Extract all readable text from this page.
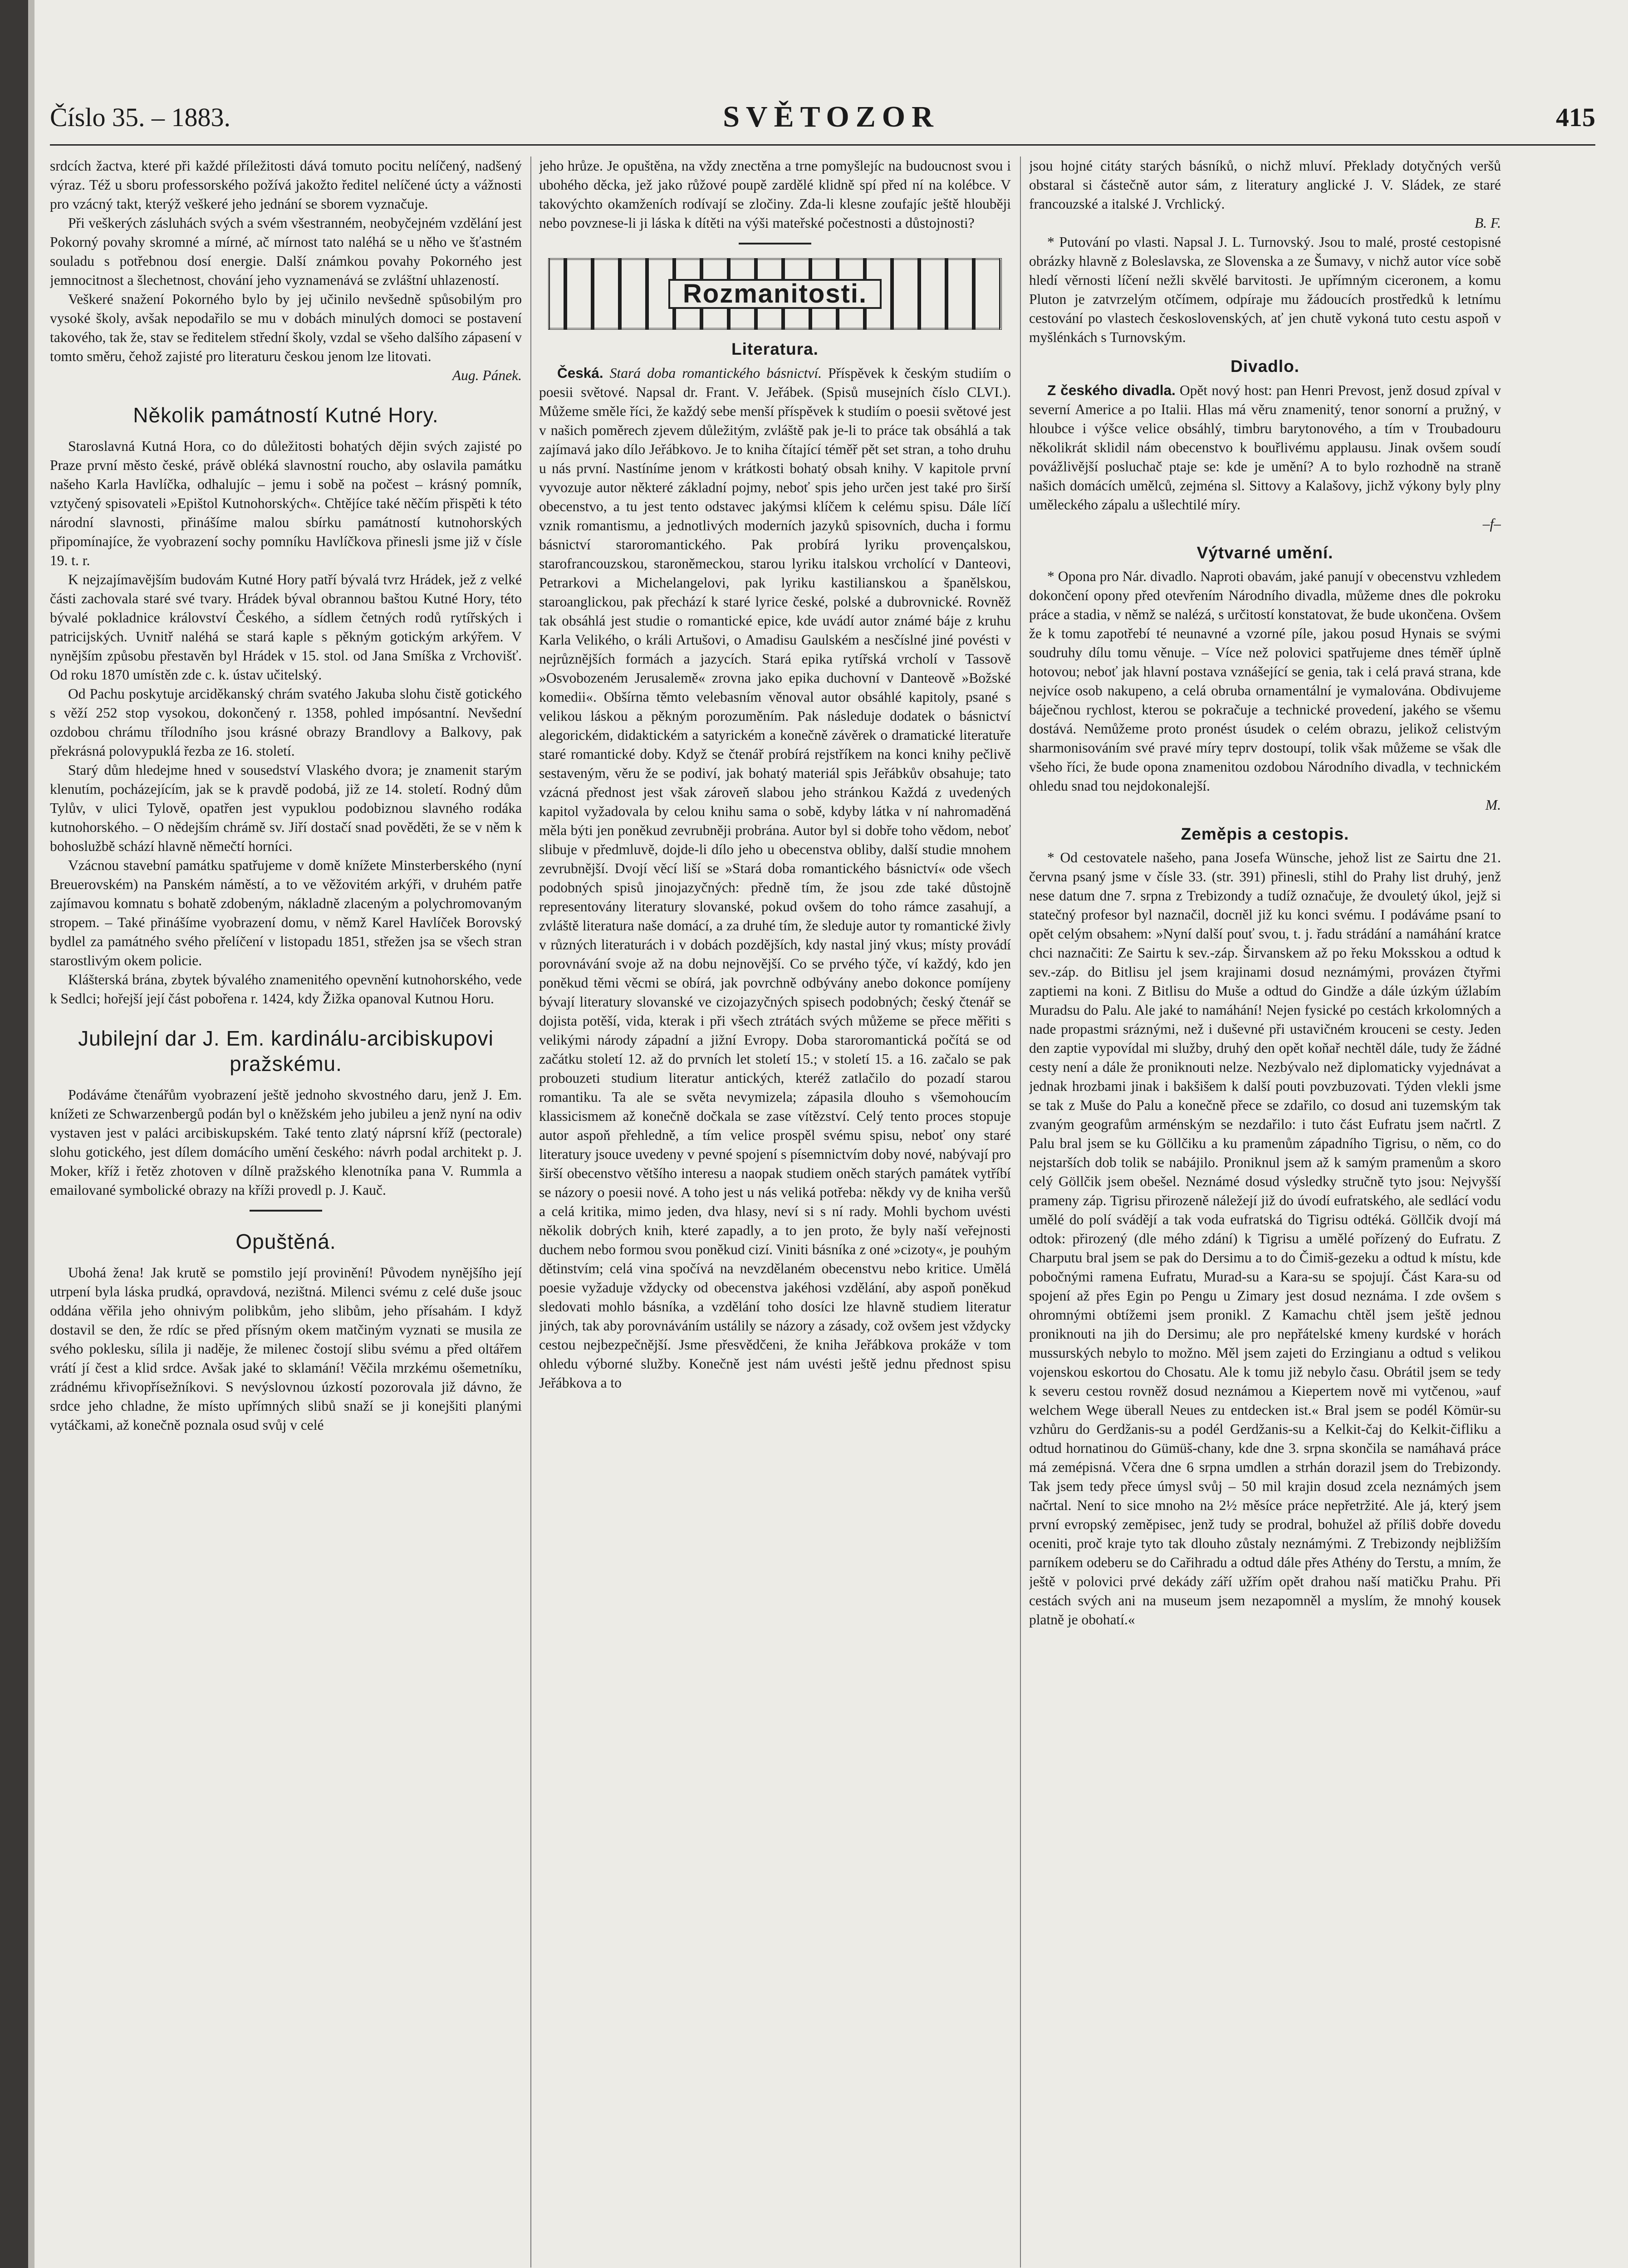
Číslo 35. – 1883.	SVĚTOZOR	415

srdcích žactva, které při každé příležitosti dává tomuto pocitu nelíčený, nadšený výraz. Též u sboru professorského požívá jakožto ředitel nelíčené úcty a vážnosti pro vzácný takt, kterýž veškeré jeho jednání se sborem vyznačuje.

Při veškerých zásluhách svých a svém všestranném, neobyčejném vzdělání jest Pokorný povahy skromné a mírné, ač mírnost tato naléhá se u něho ve šťastném souladu s potřebnou dosí energie. Další známkou povahy Pokorného jest jemnocitnost a šlechetnost, chování jeho vyznamenává se zvláštní uhlazeností.

Veškeré snažení Pokorného bylo by jej učinilo nevšedně spůsobilým pro vysoké školy, avšak nepodařilo se mu v dobách minulých domoci se postavení takového, tak že, stav se ředitelem střední školy, vzdal se všeho dalšího zápasení v tomto směru, čehož zajisté pro literaturu českou jenom lze litovati.

Aug. Pánek.
Několik památností Kutné Hory.

Staroslavná Kutná Hora, co do důležitosti bohatých dějin svých zajisté po Praze první město české, právě obléká slavnostní roucho, aby oslavila památku našeho Karla Havlíčka, odhalujíc – jemu i sobě na počest – krásný pomník, vztyčený spisovateli »Epištol Kutnohorských«. Chtějíce také něčím přispěti k této národní slavnosti, přinášíme malou sbírku památností kutnohorských připomínajíce, že vyobrazení sochy pomníku Havlíčkova přinesli jsme již v čísle 19. t. r.

K nejzajímavějším budovám Kutné Hory patří bývalá tvrz Hrádek, jež z velké části zachovala staré své tvary. Hrádek býval obrannou baštou Kutné Hory, této bývalé pokladnice království Českého, a sídlem četných rodů rytířských i patricijských. Uvnitř naléhá se stará kaple s pěkným gotickým arkýřem. V nynějším způsobu přestavěn byl Hrádek v 15. stol. od Jana Smíška z Vrchovišť. Od roku 1870 umístěn zde c. k. ústav učitelský.

Od Pachu poskytuje arciděkanský chrám svatého Jakuba slohu čistě gotického s věží 252 stop vysokou, dokončený r. 1358, pohled impósantní. Nevšední ozdobou chrámu třílodního jsou krásné obrazy Brandlovy a Balkovy, pak překrásná polovypuklá řezba ze 16. století.

Starý dům hledejme hned v sousedství Vlaského dvora; je znamenit starým klenutím, pocházejícím, jak se k pravdě podobá, již ze 14. století. Rodný dům Tylův, v ulici Tylově, opatřen jest vypuklou podobiznou slavného rodáka kutnohorského. – O nědejším chrámě sv. Jiří dostačí snad pověděti, že se v něm k bohoslužbě schází hlavně němečtí horníci.

Vzácnou stavební památku spatřujeme v domě knížete Minsterberského (nyní Breuerovském) na Panském náměstí, a to ve věžovitém arkýři, v druhém patře zajímavou komnatu s bohatě zdobeným, nákladně zlaceným a polychromovaným stropem. – Také přinášíme vyobrazení domu, v němž Karel Havlíček Borovský bydlel za památného svého přelíčení v listopadu 1851, střežen jsa se všech stran starostlivým okem policie.

Klášterská brána, zbytek bývalého znamenitého opevnění kutnohorského, vede k Sedlci; hořejší její část pobořena r. 1424, kdy Žižka opanoval Kutnou Horu.

Jubilejní dar J. Em. kardinálu-arcibiskupovi pražskému.

Podáváme čtenářům vyobrazení ještě jednoho skvostného daru, jenž J. Em. knížeti ze Schwarzenbergů podán byl o kněžském jeho jubileu a jenž nyní na odiv vystaven jest v paláci arcibiskupském. Také tento zlatý náprsní kříž (pectorale) slohu gotického, jest dílem domácího umění českého: návrh podal architekt p. J. Moker, kříž i řetěz zhotoven v dílně pražského klenotníka pana V. Rummla a emailované symbolické obrazy na kříži provedl p. J. Kauč.

Opuštěná.

Ubohá žena! Jak krutě se pomstilo její provinění! Původem nynějšího její utrpení byla láska prudká, opravdová, nezištná. Milenci svému z celé duše jsouc oddána věřila jeho ohnivým polibkům, jeho slibům, jeho přísahám. I když dostavil se den, že rdíc se před přísným okem matčiným vyznati se musila ze svého poklesku, sílila ji naděje, že milenec čostojí slibu svému a před oltářem vrátí jí čest a klid srdce. Avšak jaké to sklamání! Věčila mrzkému ošemetníku, zrádnému křivopřísežníkovi. S nevýslovnou úzkostí pozorovala již dávno, že srdce jeho chladne, že místo upřímných slibů snaží se ji konejšiti planými vytáčkami, až konečně poznala osud svůj v celé

jeho hrůze. Je opuštěna, na vždy znectěna a trne pomyšlejíc na budoucnost svou i ubohého děcka, jež jako růžové poupě zardělé klidně spí před ní na kolébce. V takovýchto okamženích rodívají se zločiny. Zda-li klesne zoufajíc ještě hlouběji nebo povznese-li ji láska k dítěti na výši mateřské počestnosti a důstojnosti?

Rozmanitosti.
Literatura.

Česká. Stará doba romantického básnictví. Příspěvek k českým studiím o poesii světové. Napsal dr. Frant. V. Jeřábek. (Spisů musejních číslo CLVI.). Můžeme směle říci, že každý sebe menší příspěvek k studiím o poesii světové jest v našich poměrech zjevem důležitým, zvláště pak je-li to práce tak obsáhlá a tak zajímavá jako dílo Jeřábkovo. Je to kniha čítající téměř pět set stran, a toho druhu u nás první. Nastíníme jenom v krátkosti bohatý obsah knihy. V kapitole první vyvozuje autor některé základní pojmy, neboť spis jeho určen jest také pro širší obecenstvo, a tu jest tento odstavec jakýmsi klíčem k celému spisu. Dále líčí vznik romantismu, a jednotlivých moderních jazyků spisovních, ducha i formu básnictví staroromantického. Pak probírá lyriku provençalskou, starofrancouzskou, staroněmeckou, starou lyriku italskou vrcholící v Danteovi, Petrarkovi a Michelangelovi, pak lyriku kastilianskou a španělskou, staroanglickou, pak přechází k staré lyrice české, polské a dubrovnické. Rovněž tak obsáhlá jest studie o romantické epice, kde uvádí autor známé báje z kruhu Karla Velikého, o králi Artušovi, o Amadisu Gaulském a nesčíslné jiné povésti v nejrůznějších formách a jazycích. Stará epika rytířská vrcholí v Tassově »Osvobozeném Jerusalemě« zrovna jako epika duchovní v Danteově »Božské komedii«. Obšírna těmto velebasním věnoval autor obsáhlé kapitoly, psané s velikou láskou a pěkným porozuměním. Pak následuje dodatek o básnictví alegorickém, didaktickém a satyrickém a konečně závěrek o dramatické literatuře staré romantické doby. Když se čtenář probírá rejstříkem na konci knihy pečlivě sestaveným, věru že se podiví, jak bohatý materiál spis Jeřábkův obsahuje; tato vzácná přednost jest však zároveň slabou jeho stránkou Každá z uvedených kapitol vyžadovala by celou knihu sama o sobě, kdyby látka v ní nahromaděná měla býti jen poněkud zevrubněji probrána. Autor byl si dobře toho vědom, neboť slibuje v předmluvě, dojde-li dílo jeho u obecenstva obliby, další studie mnohem zevrubnější. Dvojí věcí liší se »Stará doba romantického básnictví« ode všech podobných spisů jinojazyčných: předně tím, že jsou zde také důstojně representovány literatury slovanské, pokud ovšem do toho rámce zasahují, a zvláště literatura naše domácí, a za druhé tím, že sleduje autor ty romantické živly v různých literaturách i v dobách pozdějších, kdy nastal jiný vkus; místy provádí porovnávání svoje až na dobu nejnovější. Co se prvého týče, ví každý, kdo jen poněkud těmi věcmi se obírá, jak povrchně odbývány anebo dokonce pomíjeny bývají literatury slovanské ve cizojazyčných spisech podobných; český čtenář se dojista potěší, vida, kterak i při všech ztrátách svých můžeme se přece měřiti s velikými národy západní a jižní Evropy. Doba staroromantická počítá se od začátku století 12. až do prvních let století 15.; v století 15. a 16. začalo se pak probouzeti studium literatur antických, kteréž zatlačilo do pozadí starou romantiku. Ta ale se světa nevymizela; zápasila dlouho s všemohoucím klassicismem až konečně dočkala se zase vítězství. Celý tento proces stopuje autor aspoň přehledně, a tím velice prospěl svému spisu, neboť ony staré literatury jsouce uvedeny v pevné spojení s písemnictvím doby nové, nabývají pro širší obecenstvo většího interesu a naopak studiem oněch starých památek vytříbí se názory o poesii nové. A toho jest u nás veliká potřeba: někdy vy de kniha veršů a celá kritika, mimo jeden, dva hlasy, neví si s ní rady. Mohli bychom uvésti několik dobrých knih, které zapadly, a to jen proto, že byly naší veřejnosti duchem nebo formou svou poněkud cizí. Viniti básníka z oné »cizoty«, je pouhým dětinstvím; celá vina spočívá na nevzdělaném obecenstvu nebo kritice. Umělá poesie vyžaduje vždycky od obecenstva jakéhosi vzdělání, aby aspoň poněkud sledovati mohlo básníka, a vzdělání toho dosíci lze hlavně studiem literatur jiných, tak aby porovnáváním ustálily se názory a zásady, což ovšem jest vždycky cestou nejbezpečnější. Jsme přesvědčeni, že kniha Jeřábkova prokáže v tom ohledu výborné služby. Konečně jest nám uvésti ještě jednu přednost spisu Jeřábkova a to

jsou hojné citáty starých básníků, o nichž mluví. Překlady dotyčných veršů obstaral si částečně autor sám, z literatury anglické J. V. Sládek, ze staré francouzské a italské J. Vrchlický.

B. F.

* Putování po vlasti. Napsal J. L. Turnovský. Jsou to malé, prosté cestopisné obrázky hlavně z Boleslavska, ze Slovenska a ze Šumavy, v nichž autor více sobě hledí věrnosti líčení nežli skvělé barvitosti. Je upřímným ciceronem, a komu Pluton je zatvrzelým otčímem, odpíraje mu žádoucích prostředků k letnímu cestování po vlastech československých, ať jen chutě vykoná tuto cestu aspoň v myšlénkách s Turnovským.

Divadlo.

Z českého divadla. Opět nový host: pan Henri Prevost, jenž dosud zpíval v severní Americe a po Italii. Hlas má věru znamenitý, tenor sonorní a pružný, v hloubce i výšce velice obsáhlý, timbru barytonového, a tím v Troubadouru několikrát sklidil nám obecenstvo k bouřlivému applausu. Jinak ovšem soudí povážlivější posluchač ptaje se: kde je umění? A to bylo rozhodně na straně našich domácích umělců, zejména sl. Sittovy a Kalašovy, jichž výkony byly plny uměleckého zápalu a ušlechtilé míry.

–f–
Výtvarné umění.

* Opona pro Nár. divadlo. Naproti obavám, jaké panují v obecenstvu vzhledem dokončení opony před otevřením Národního divadla, můžeme dnes dle pokroku práce a stadia, v němž se nalézá, s určitostí konstatovat, že bude ukončena. Ovšem že k tomu zapotřebí té neunavné a vzorné píle, jakou posud Hynais se svými soudruhy dílu tomu věnuje. – Více než polovici spatřujeme dnes téměř úplně hotovou; neboť jak hlavní postava vznášející se genia, tak i celá pravá strana, kde nejvíce osob nakupeno, a celá obruba ornamentální je vymalována. Obdivujeme báječnou rychlost, kterou se pokračuje a technické provedení, jakého se všemu dostává. Nemůžeme proto pronést úsudek o celém obrazu, jelikož celistvým sharmonisováním své pravé míry teprv dostoupí, tolik však můžeme se však dle všeho říci, že bude opona znamenitou ozdobou Národního divadla, v technickém ohledu snad tou nejdokonalejší.

M.
Zeměpis a cestopis.

* Od cestovatele našeho, pana Josefa Wünsche, jehož list ze Sairtu dne 21. června psaný jsme v čísle 33. (str. 391) přinesli, stihl do Prahy list druhý, jenž nese datum dne 7. srpna z Trebizondy a tudíž označuje, že dvouletý úkol, jejž si statečný profesor byl naznačil, doспěl již ku konci svému. I podáváme psaní to opět celým obsahem: »Nyní další pouť svou, t. j. řadu strádání a namáhání kratce chci naznačiti: Ze Sairtu k sev.-záp. Širvanskem až po řeku Moksskou a odtud k sev.-záp. do Bitlisu jel jsem krajinami dosud neznámými, provázen čtyřmi zaptiemi na koni. Z Bitlisu do Muše a odtud do Gindže a dále úzkým úžlabím Muradsu do Palu. Ale jaké to namáhání! Nejen fysické po cestách krkolomných a nade propastmi sráznými, než i duševné při ustavičném krouceni se cesty. Jeden den zaptie vypovídal mi služby, druhý den opět koňař nechtěl dále, tudy že žádné cesty není a dále že proniknouti nelze. Nezbývalo než diplomaticky vyjednávat a jednak hrozbami jinak i bakšišem k další pouti povzbuzovati. Týden vlekli jsme se tak z Muše do Palu a konečně přece se zdařilo, co dosud ani tuzemským tak zvaným geografům arménským se nezdařilo: i tuto část Eufratu jsem načrtl. Z Palu bral jsem se ku Göllčiku a ku pramenům západního Tigrisu, o něm, co do nejstarších dob tolik se nabájilo. Proniknul jsem až k samým pramenům a skoro celý Göllčik jsem obešel. Neznámé dosud výsledky stručně tyto jsou: Nejvyšší prameny záp. Tigrisu přirozeně náležejí již do úvodí eufratského, ale sedlácí vodu umělé do polí svádějí a tak voda eufratská do Tigrisu odtéká. Göllčik dvojí má odtok: přirozený (dle mého zdání) k Tigrisu a umělé pořízený do Eufratu. Z Charputu bral jsem se pak do Dersimu a to do Čimiš-gezeku a odtud k místu, kde pobočnými ramena Eufratu, Murad-su a Kara-su se spojují. Část Kara-su od spojení až přes Egin po Pengu u Zimary jest dosud neznáma. I zde ovšem s ohromnými obtížemi jsem pronikl. Z Kamachu chtěl jsem ještě jednou proniknouti na jih do Dersimu; ale pro nepřátelské kmeny kurdské v horách mussurských nebylo to možno. Měl jsem zajeti do Erzingianu a odtud s velikou vojenskou eskortou do Chosatu. Ale k tomu již nebylo času. Obrátil jsem se tedy k severu cestou rovněž dosud neznámou a Kiepertem nově mi vytčenou, »auf welchem Wege überall Neues zu entdecken ist.« Bral jsem se podél Kömür-su vzhůru do Gerdžanis-su a podél Gerdžanis-su a Kelkit-čaj do Kelkit-čifliku a odtud hornatinou do Gümüš-chany, kde dne 3. srpna skončila se namáhavá práce má zemépisná. Včera dne 6 srpna umdlen a strhán dorazil jsem do Trebizondy. Tak jsem tedy přece úmysl svůj – 50 mil krajin dosud zcela neznámých jsem načrtal. Není to sice mnoho na 2½ měsíce práce nepřetržité. Ale já, který jsem první evropský zeměpisec, jenž tudy se prodral, bohužel až příliš dobře dovedu oceniti, proč kraje tyto tak dlouho zůstaly neznámými. Z Trebizondy nejbližším parníkem odeberu se do Cařihradu a odtud dále přes Athény do Terstu, a mním, že ještě v polovici prvé dekády září užřím opět drahou naší matičku Prahu. Při cestách svých ani na museum jsem nezapomněl a myslím, že mnohý kousek platně je obohatí.«
